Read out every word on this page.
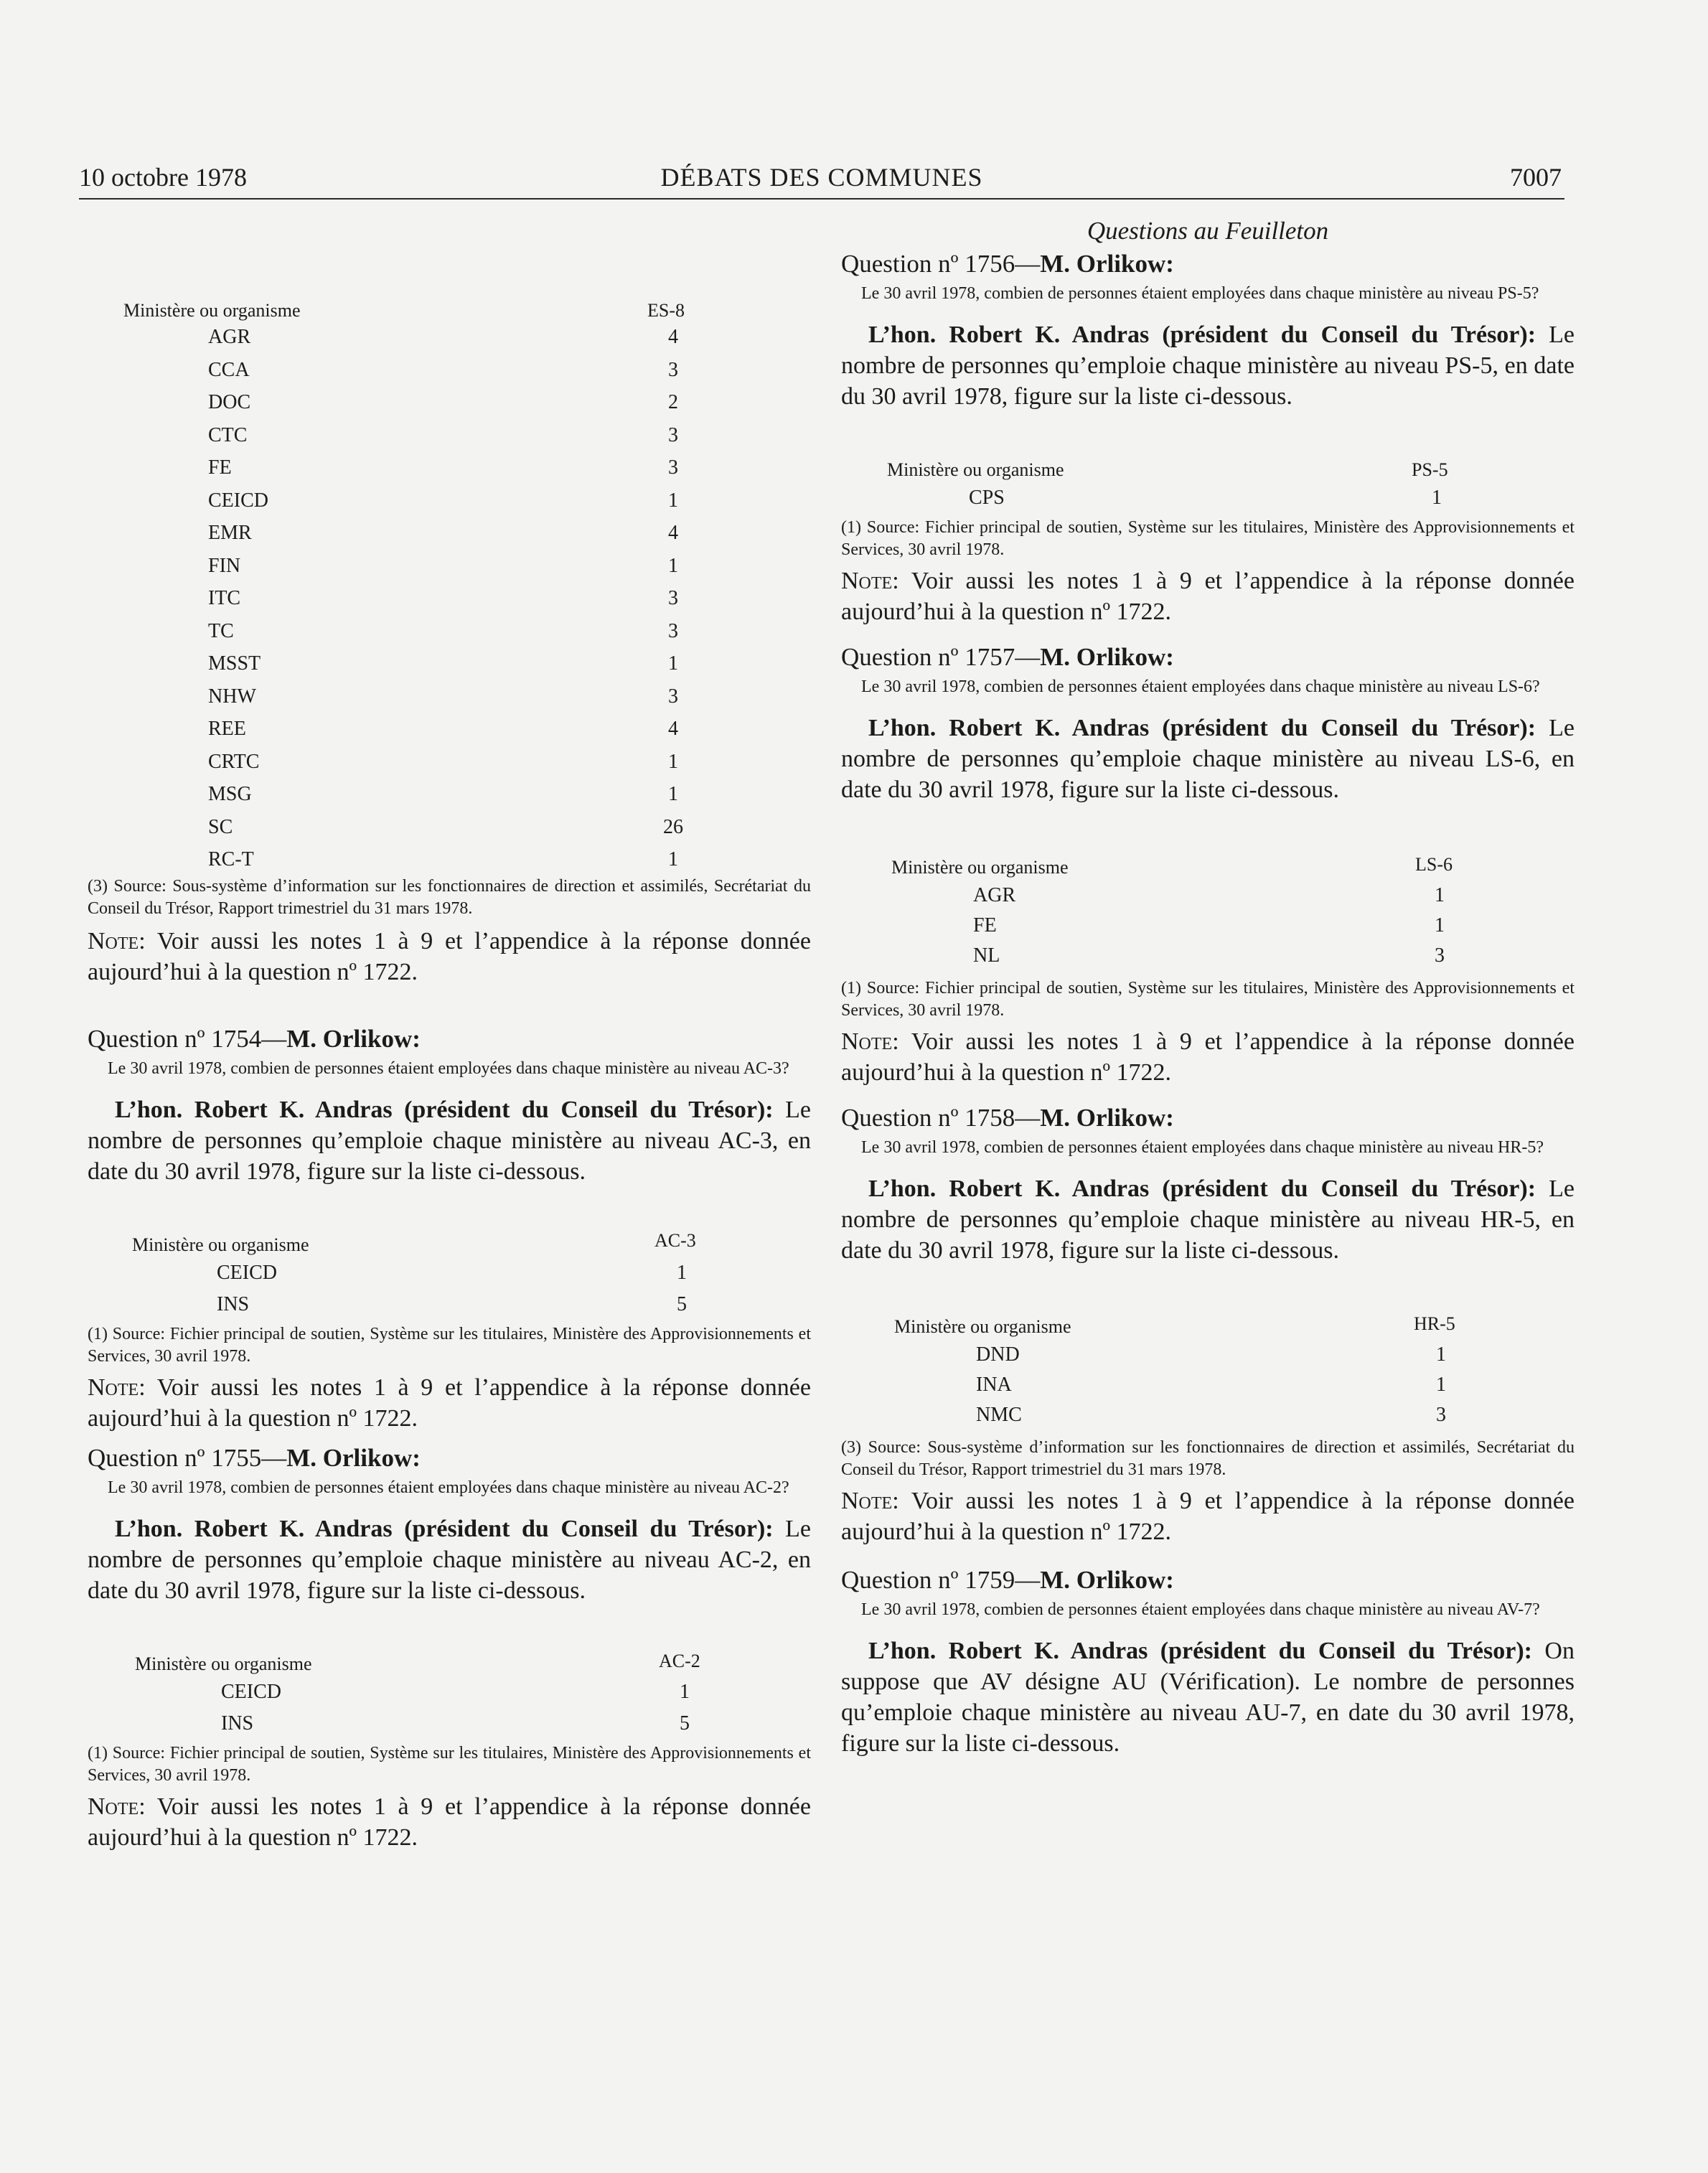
10 octobre 1978	DÉBATS DES COMMUNES	7007
Ministère ou organisme	ES-8
AGR	4
CCA	3
DOC	2
CTC	3
FE	3
CEICD	1
EMR	4
FIN	1
ITC	3
TC	3
MSST	1
NHW	3
REE	4
CRTC	1
MSG	1
SC	26
RC-T	1

(3) Source: Sous-système d’information sur les fonctionnaires de direction et assimilés, Secrétariat du Conseil du Trésor, Rapport trimestriel du 31 mars 1978.

Note: Voir aussi les notes 1 à 9 et l’appendice à la réponse donnée aujourd’hui à la question nº 1722.

Question nº 1754—M. Orlikow:

Le 30 avril 1978, combien de personnes étaient employées dans chaque ministère au niveau AC-3?

L’hon. Robert K. Andras (président du Conseil du Trésor): Le nombre de personnes qu’emploie chaque ministère au niveau AC-3, en date du 30 avril 1978, figure sur la liste ci-dessous.

Ministère ou organisme	AC-3
CEICD	1
INS	5

(1) Source: Fichier principal de soutien, Système sur les titulaires, Ministère des Approvisionnements et Services, 30 avril 1978.

Note: Voir aussi les notes 1 à 9 et l’appendice à la réponse donnée aujourd’hui à la question nº 1722.

Question nº 1755—M. Orlikow:

Le 30 avril 1978, combien de personnes étaient employées dans chaque ministère au niveau AC-2?

L’hon. Robert K. Andras (président du Conseil du Trésor): Le nombre de personnes qu’emploie chaque ministère au niveau AC-2, en date du 30 avril 1978, figure sur la liste ci-dessous.

Ministère ou organisme	AC-2
CEICD	1
INS	5

(1) Source: Fichier principal de soutien, Système sur les titulaires, Ministère des Approvisionnements et Services, 30 avril 1978.

Note: Voir aussi les notes 1 à 9 et l’appendice à la réponse donnée aujourd’hui à la question nº 1722.

Questions au Feuilleton

Question nº 1756—M. Orlikow:

Le 30 avril 1978, combien de personnes étaient employées dans chaque ministère au niveau PS-5?

L’hon. Robert K. Andras (président du Conseil du Trésor): Le nombre de personnes qu’emploie chaque ministère au niveau PS-5, en date du 30 avril 1978, figure sur la liste ci-dessous.

Ministère ou organisme	PS-5
CPS	1

(1) Source: Fichier principal de soutien, Système sur les titulaires, Ministère des Approvisionnements et Services, 30 avril 1978.

Note: Voir aussi les notes 1 à 9 et l’appendice à la réponse donnée aujourd’hui à la question nº 1722.

Question nº 1757—M. Orlikow:

Le 30 avril 1978, combien de personnes étaient employées dans chaque ministère au niveau LS-6?

L’hon. Robert K. Andras (président du Conseil du Trésor): Le nombre de personnes qu’emploie chaque ministère au niveau LS-6, en date du 30 avril 1978, figure sur la liste ci-dessous.

Ministère ou organisme	LS-6
AGR	1
FE	1
NL	3

(1) Source: Fichier principal de soutien, Système sur les titulaires, Ministère des Approvisionnements et Services, 30 avril 1978.

Note: Voir aussi les notes 1 à 9 et l’appendice à la réponse donnée aujourd’hui à la question nº 1722.

Question nº 1758—M. Orlikow:

Le 30 avril 1978, combien de personnes étaient employées dans chaque ministère au niveau HR-5?

L’hon. Robert K. Andras (président du Conseil du Trésor): Le nombre de personnes qu’emploie chaque ministère au niveau HR-5, en date du 30 avril 1978, figure sur la liste ci-dessous.

Ministère ou organisme	HR-5
DND	1
INA	1
NMC	3

(3) Source: Sous-système d’information sur les fonctionnaires de direction et assimilés, Secrétariat du Conseil du Trésor, Rapport trimestriel du 31 mars 1978.

Note: Voir aussi les notes 1 à 9 et l’appendice à la réponse donnée aujourd’hui à la question nº 1722.

Question nº 1759—M. Orlikow:

Le 30 avril 1978, combien de personnes étaient employées dans chaque ministère au niveau AV-7?

L’hon. Robert K. Andras (président du Conseil du Trésor): On suppose que AV désigne AU (Vérification). Le nombre de personnes qu’emploie chaque ministère au niveau AU-7, en date du 30 avril 1978, figure sur la liste ci-dessous.
